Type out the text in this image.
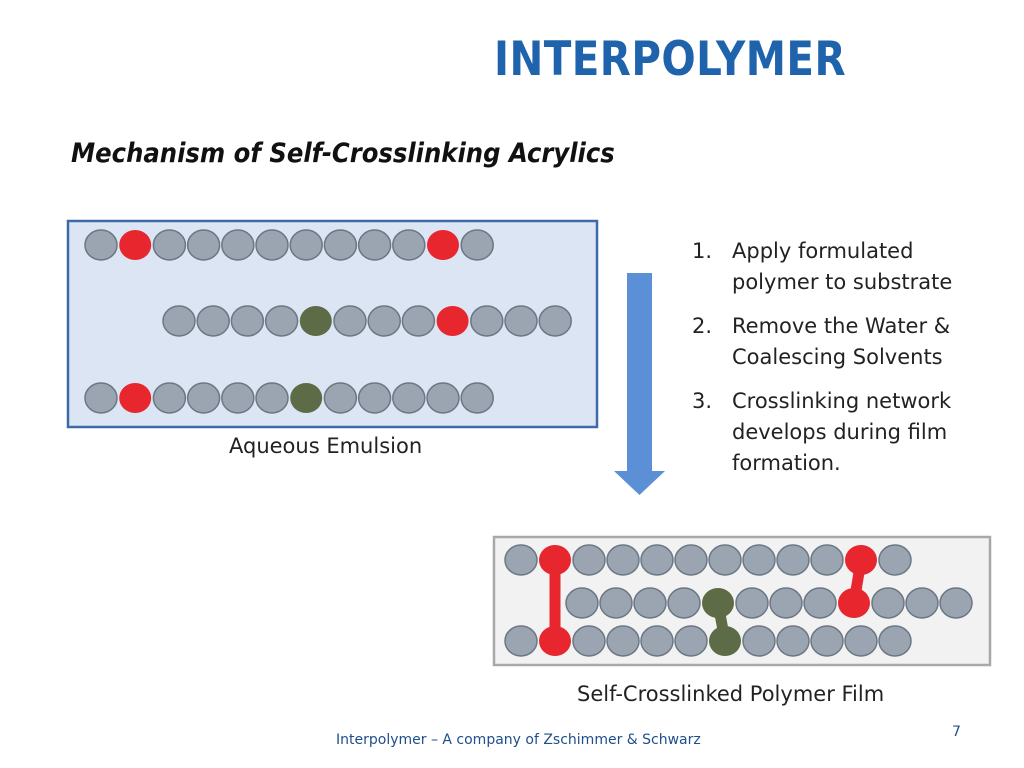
INTERPOLYMER
Mechanism of Self-Crosslinking Acrylics
1. Apply formulated polymer to substrate
2. Remove the Water & Coalescing Solvents
3. Crosslinking network develops during film formation.
Aqueous Emulsion
Self-Crosslinked Polymer Film
Interpolymer – A company of Zschimmer & Schwarz	7
